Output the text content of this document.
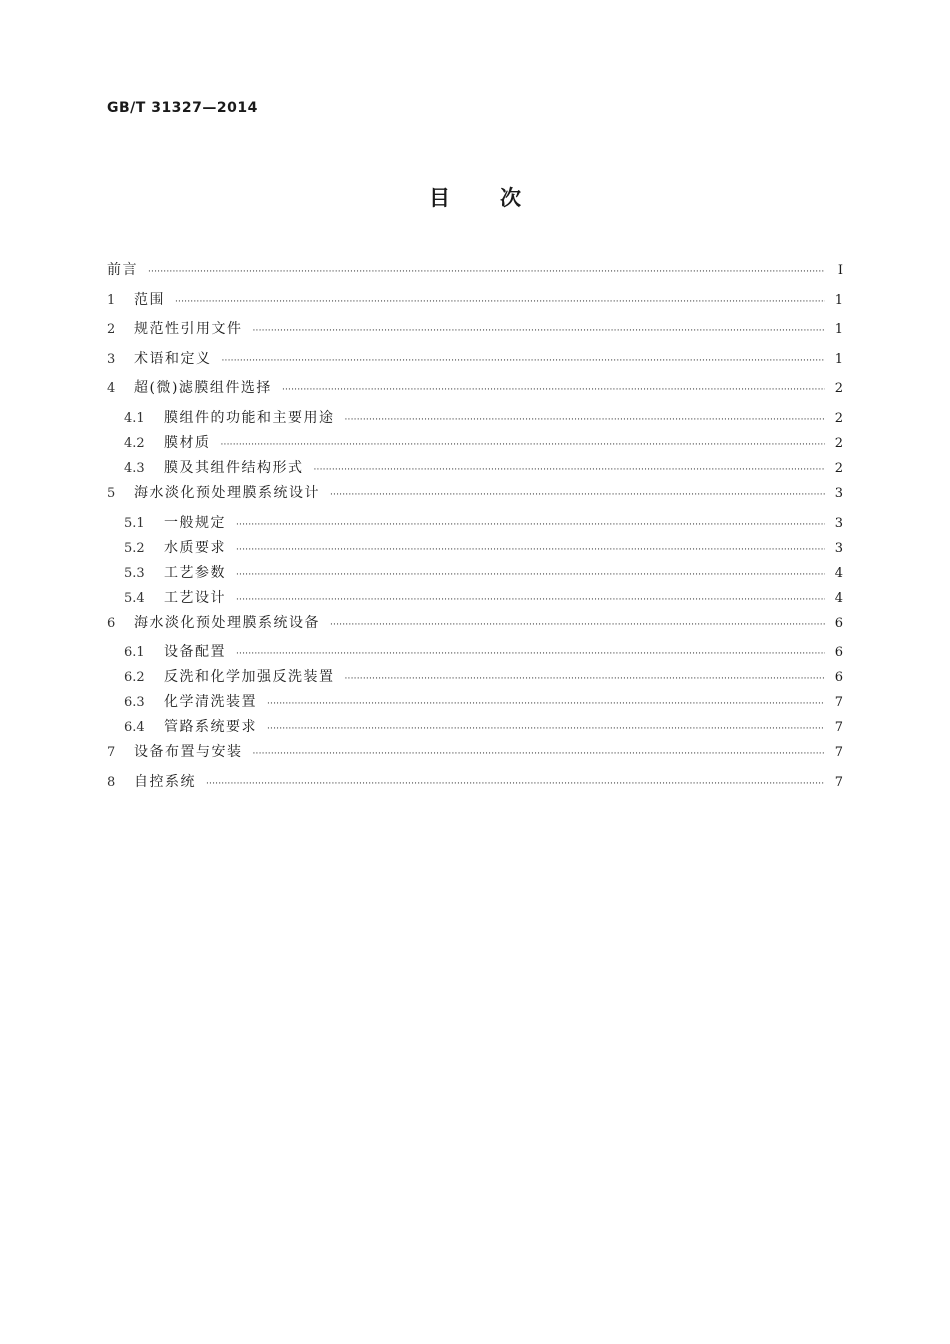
GB/T 31327—2014
目次
前言 ·····	Ⅰ
1	范围 ·····	1
2	规范性引用文件 ·····	1
3	术语和定义 ·····	1
4	超(微)滤膜组件选择 ·····	2
4.1	膜组件的功能和主要用途 ·····	2
4.2	膜材质 ·····	2
4.3	膜及其组件结构形式 ·····	2
5	海水淡化预处理膜系统设计 ·····	3
5.1	一般规定 ·····	3
5.2	水质要求 ·····	3
5.3	工艺参数 ·····	4
5.4	工艺设计 ·····	4
6	海水淡化预处理膜系统设备 ·····	6
6.1	设备配置 ·····	6
6.2	反洗和化学加强反洗装置 ·····	6
6.3	化学清洗装置 ·····	7
6.4	管路系统要求 ·····	7
7	设备布置与安装 ·····	7
8	自控系统 ·····	7
